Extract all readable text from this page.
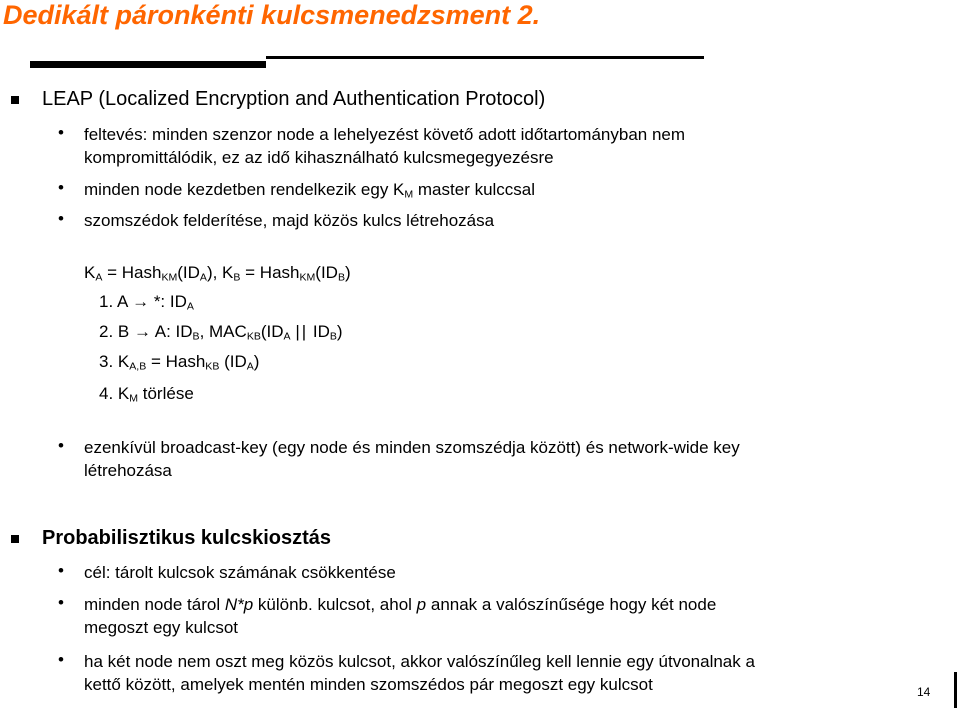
Dedikált páronkénti kulcsmenedzsment 2.
LEAP (Localized Encryption and Authentication Protocol)
• feltevés: minden szenzor node a lehelyezést követő adott időtartományban nem
kompromittálódik, ez az idő kihasználható kulcsmegegyezésre
• minden node kezdetben rendelkezik egy $K_M$ master kulccsal
• szomszédok felderítése, majd közös kulcs létrehozása
$K_A$ = $Hash_{KM}(ID_A)$, $K_B$ = $Hash_{KM}(ID_B)$
1. A → *: $ID_A$
2. B → A: $ID_B$, $MAC_{KB}(ID_A$ || $ID_B$)
3. $K_{A,B}$ = Hash$_{KB}$ $(ID_A)$
4. $K_M$ törlése
• ezenkívül broadcast-key (egy node és minden szomszédja között) és network-wide key
létrehozása
Probabilisztikus kulcskiosztás
• cél: tárolt kulcsok számának csökkentése
• minden node tárol N*p különb. kulcsot, ahol p annak a valószínűsége hogy két node
megoszt egy kulcsot
• ha két node nem oszt meg közös kulcsot, akkor valószínűleg kell lennie egy útvonalnak a
kettő között, amelyek mentén minden szomszédos pár megoszt egy kulcsot	14
